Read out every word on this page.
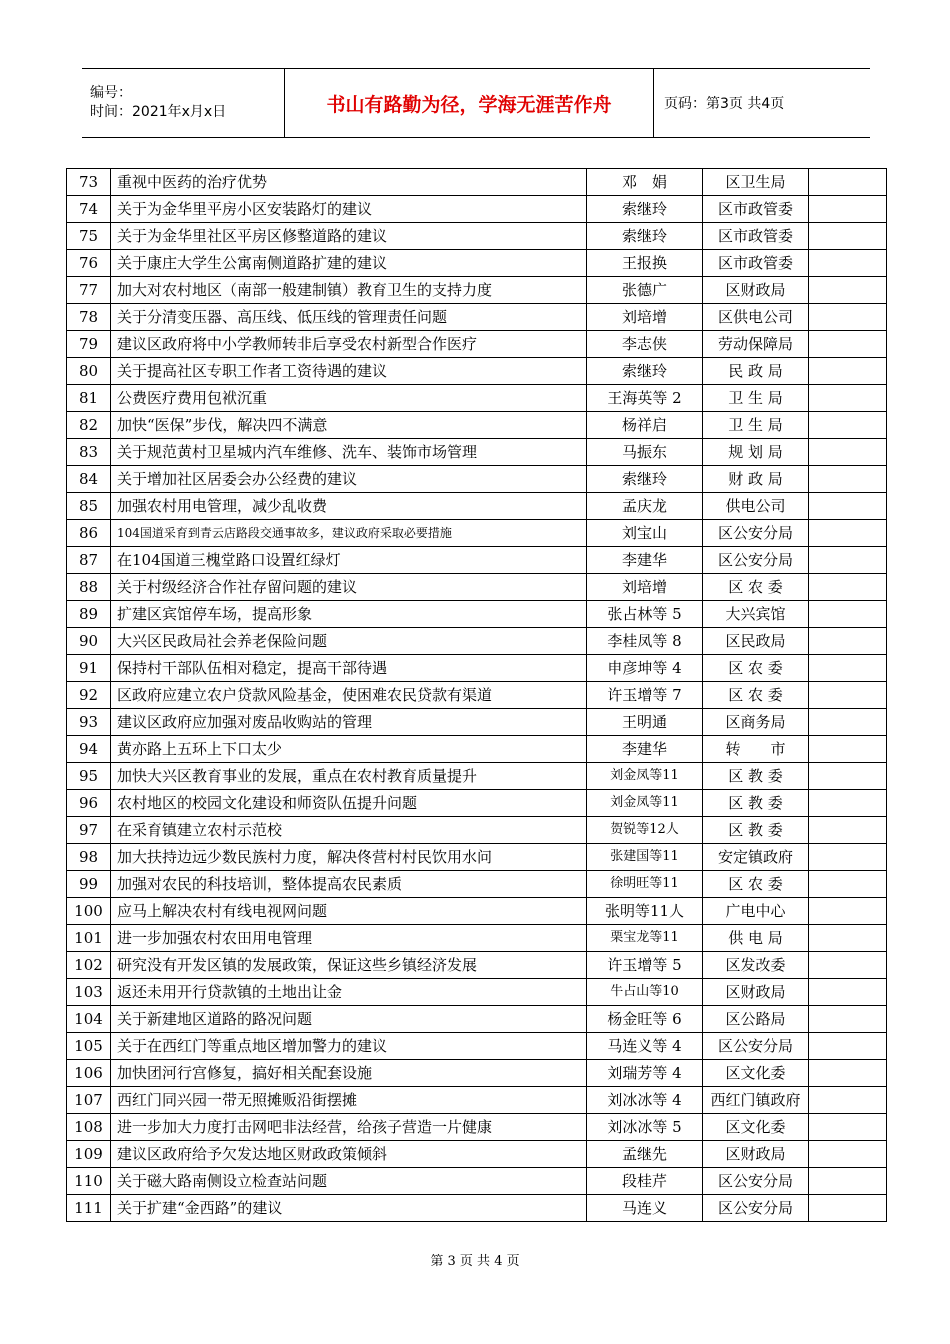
编号：
时间：2021年x月x日	书山有路勤为径，学海无涯苦作舟	页码：第3页 共4页
73	重视中医药的治疗优势	邓　娟	区卫生局	
74	关于为金华里平房小区安装路灯的建议	索继玲	区市政管委	
75	关于为金华里社区平房区修整道路的建议	索继玲	区市政管委	
76	关于康庄大学生公寓南侧道路扩建的建议	王报换	区市政管委	
77	加大对农村地区（南部一般建制镇）教育卫生的支持力度	张德广	区财政局	
78	关于分清变压器、高压线、低压线的管理责任问题	刘培增	区供电公司	
79	建议区政府将中小学教师转非后享受农村新型合作医疗	李志侠	劳动保障局	
80	关于提高社区专职工作者工资待遇的建议	索继玲	民 政 局	
81	公费医疗费用包袱沉重	王海英等 2	卫 生 局	
82	加快“医保”步伐，解决四不满意	杨祥启	卫 生 局	
83	关于规范黄村卫星城内汽车维修、洗车、装饰市场管理	马振东	规 划 局	
84	关于增加社区居委会办公经费的建议	索继玲	财 政 局	
85	加强农村用电管理，减少乱收费	孟庆龙	供电公司	
86	104国道采育到青云店路段交通事故多，建议政府采取必要措施	刘宝山	区公安分局	
87	在104国道三槐堂路口设置红绿灯	李建华	区公安分局	
88	关于村级经济合作社存留问题的建议	刘培增	区 农 委	
89	扩建区宾馆停车场，提高形象	张占林等 5	大兴宾馆	
90	大兴区民政局社会养老保险问题	李桂凤等 8	区民政局	
91	保持村干部队伍相对稳定，提高干部待遇	申彦坤等 4	区 农 委	
92	区政府应建立农户贷款风险基金，使困难农民贷款有渠道	许玉增等 7	区 农 委	
93	建议区政府应加强对废品收购站的管理	王明通	区商务局	
94	黄亦路上五环上下口太少	李建华	转　　市	
95	加快大兴区教育事业的发展，重点在农村教育质量提升	刘金凤等11	区 教 委	
96	农村地区的校园文化建设和师资队伍提升问题	刘金凤等11	区 教 委	
97	在采育镇建立农村示范校	贺锐等12人	区 教 委	
98	加大扶持边远少数民族村力度，解决佟营村村民饮用水问	张建国等11	安定镇政府	
99	加强对农民的科技培训，整体提高农民素质	徐明旺等11	区 农 委	
100	应马上解决农村有线电视网问题	张明等11人	广电中心	
101	进一步加强农村农田用电管理	栗宝龙等11	供 电 局	
102	研究没有开发区镇的发展政策，保证这些乡镇经济发展	许玉增等 5	区发改委	
103	返还未用开行贷款镇的土地出让金	牛占山等10	区财政局	
104	关于新建地区道路的路况问题	杨金旺等 6	区公路局	
105	关于在西红门等重点地区增加警力的建议	马连义等 4	区公安分局	
106	加快团河行宫修复，搞好相关配套设施	刘瑞芳等 4	区文化委	
107	西红门同兴园一带无照摊贩沿街摆摊	刘冰冰等 4	西红门镇政府	
108	进一步加大力度打击网吧非法经营，给孩子营造一片健康	刘冰冰等 5	区文化委	
109	建议区政府给予欠发达地区财政政策倾斜	孟继先	区财政局	
110	关于磁大路南侧设立检查站问题	段桂芹	区公安分局	
111	关于扩建“金西路”的建议	马连义	区公安分局	
第 3 页 共 4 页
